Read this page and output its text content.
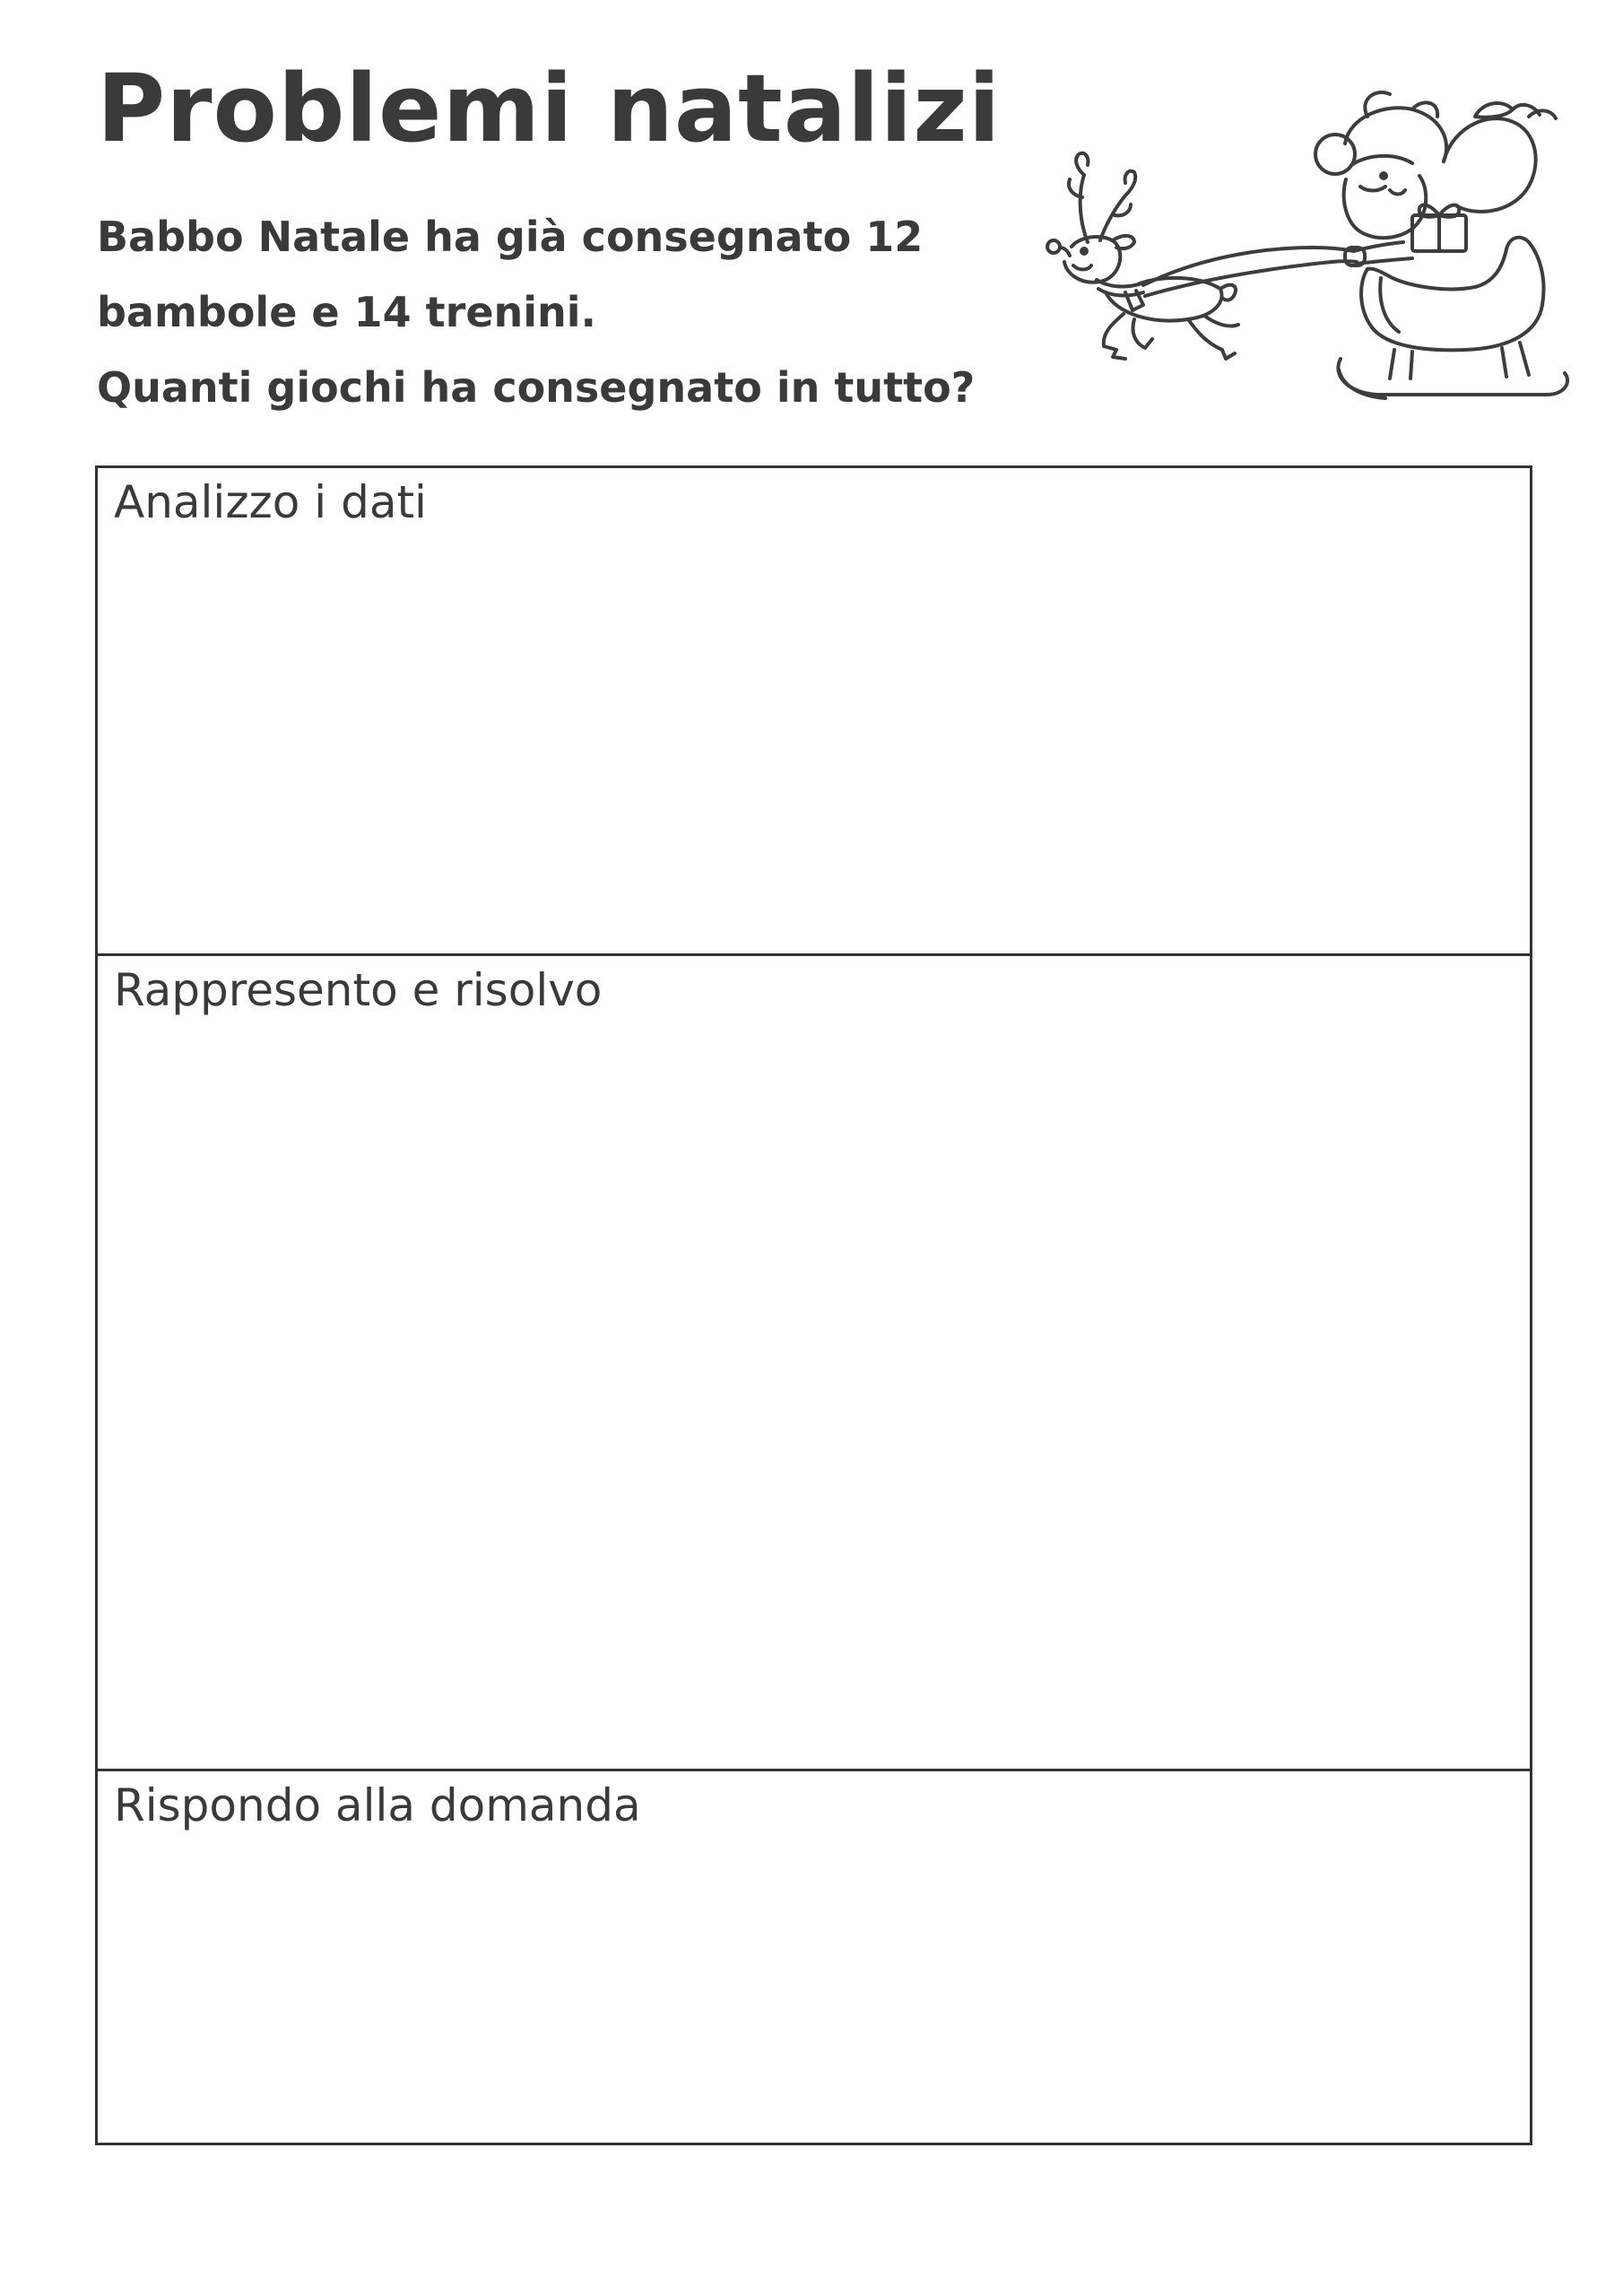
Problemi natalizi
Babbo Natale ha già consegnato 12
bambole e 14 trenini.
Quanti giochi ha consegnato in tutto?
Analizzo i dati
Rappresento e risolvo
Rispondo alla domanda
